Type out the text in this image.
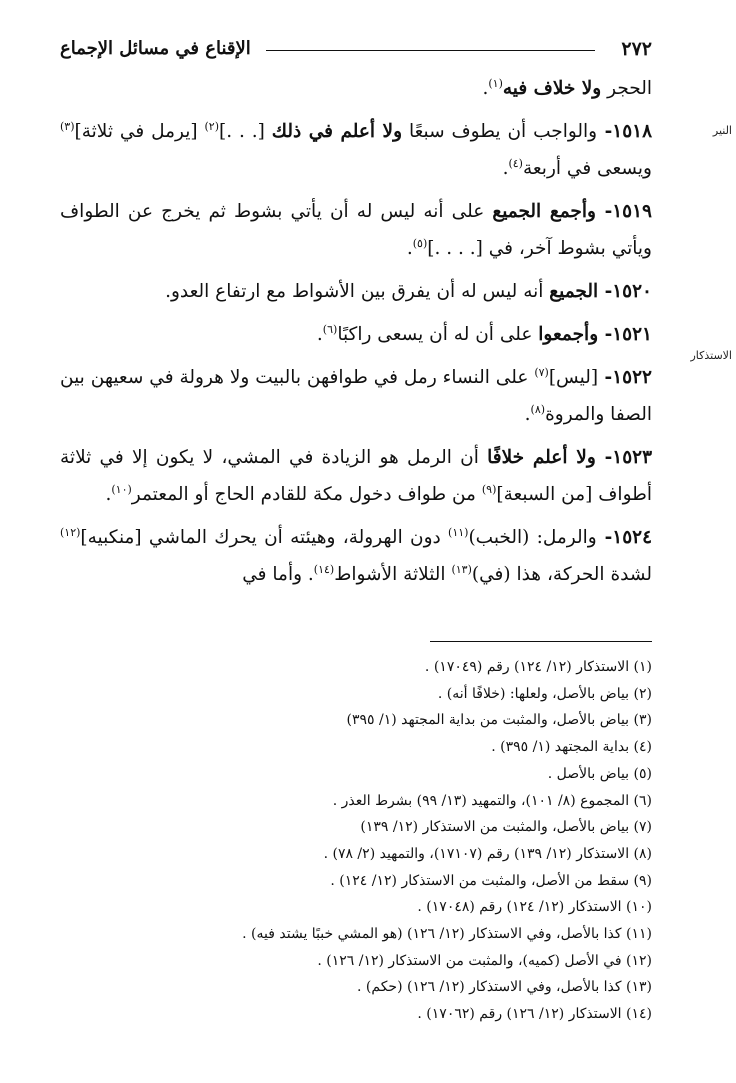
٢٧٢
الإقناع في مسائل الإجماع
النير
الاستذكار

الحجر ولا خلاف فيه$^{(١)}$.

١٥١٨- والواجب أن يطوف سبعًا ولا أعلم في ذلك [. . .]$^{(٢)}$ [يرمل في ثلاثة]$^{(٣)}$ ويسعى في أربعة$^{(٤)}$.

١٥١٩- وأجمع الجميع على أنه ليس له أن يأتي بشوط ثم يخرج عن الطواف ويأتي بشوط آخر، في [. . . .]$^{(٥)}$.

١٥٢٠- الجميع أنه ليس له أن يفرق بين الأشواط مع ارتفاع العدو.

١٥٢١- وأجمعوا على أن له أن يسعى راكبًا$^{(٦)}$.

١٥٢٢- [ليس]$^{(٧)}$ على النساء رمل في طوافهن بالبيت ولا هرولة في سعيهن بين الصفا والمروة$^{(٨)}$.

١٥٢٣- ولا أعلم خلافًا أن الرمل هو الزيادة في المشي، لا يكون إلا في ثلاثة أطواف [من السبعة]$^{(٩)}$ من طواف دخول مكة للقادم الحاج أو المعتمر$^{(١٠)}$.

١٥٢٤- والرمل: (الخبب)$^{(١١)}$ دون الهرولة، وهيئته أن يحرك الماشي [منكبيه]$^{(١٢)}$ لشدة الحركة، هذا (في)$^{(١٣)}$ الثلاثة الأشواط$^{(١٤)}$. وأما في

(١) الاستذكار (١٢/ ١٢٤) رقم (١٧٠٤٩) .
(٢) بياض بالأصل، ولعلها: (خلافًا أنه) .
(٣) بياض بالأصل، والمثبت من بداية المجتهد (١/ ٣٩٥)
(٤) بداية المجتهد (١/ ٣٩٥) .
(٥) بياض بالأصل .
(٦) المجموع (٨/ ١٠١)، والتمهيد (١٣/ ٩٩) بشرط العذر .
(٧) بياض بالأصل، والمثبت من الاستذكار (١٢/ ١٣٩)
(٨) الاستذكار (١٢/ ١٣٩) رقم (١٧١٠٧)، والتمهيد (٢/ ٧٨) .
(٩) سقط من الأصل، والمثبت من الاستذكار (١٢/ ١٢٤) .
(١٠) الاستذكار (١٢/ ١٢٤) رقم (١٧٠٤٨) .
(١١) كذا بالأصل، وفي الاستذكار (١٢/ ١٢٦) (هو المشي خببًا يشتد فيه) .
(١٢) في الأصل (كميه)، والمثبت من الاستذكار (١٢/ ١٢٦) .
(١٣) كذا بالأصل، وفي الاستذكار (١٢/ ١٢٦) (حكم) .
(١٤) الاستذكار (١٢/ ١٢٦) رقم (١٧٠٦٢) .
